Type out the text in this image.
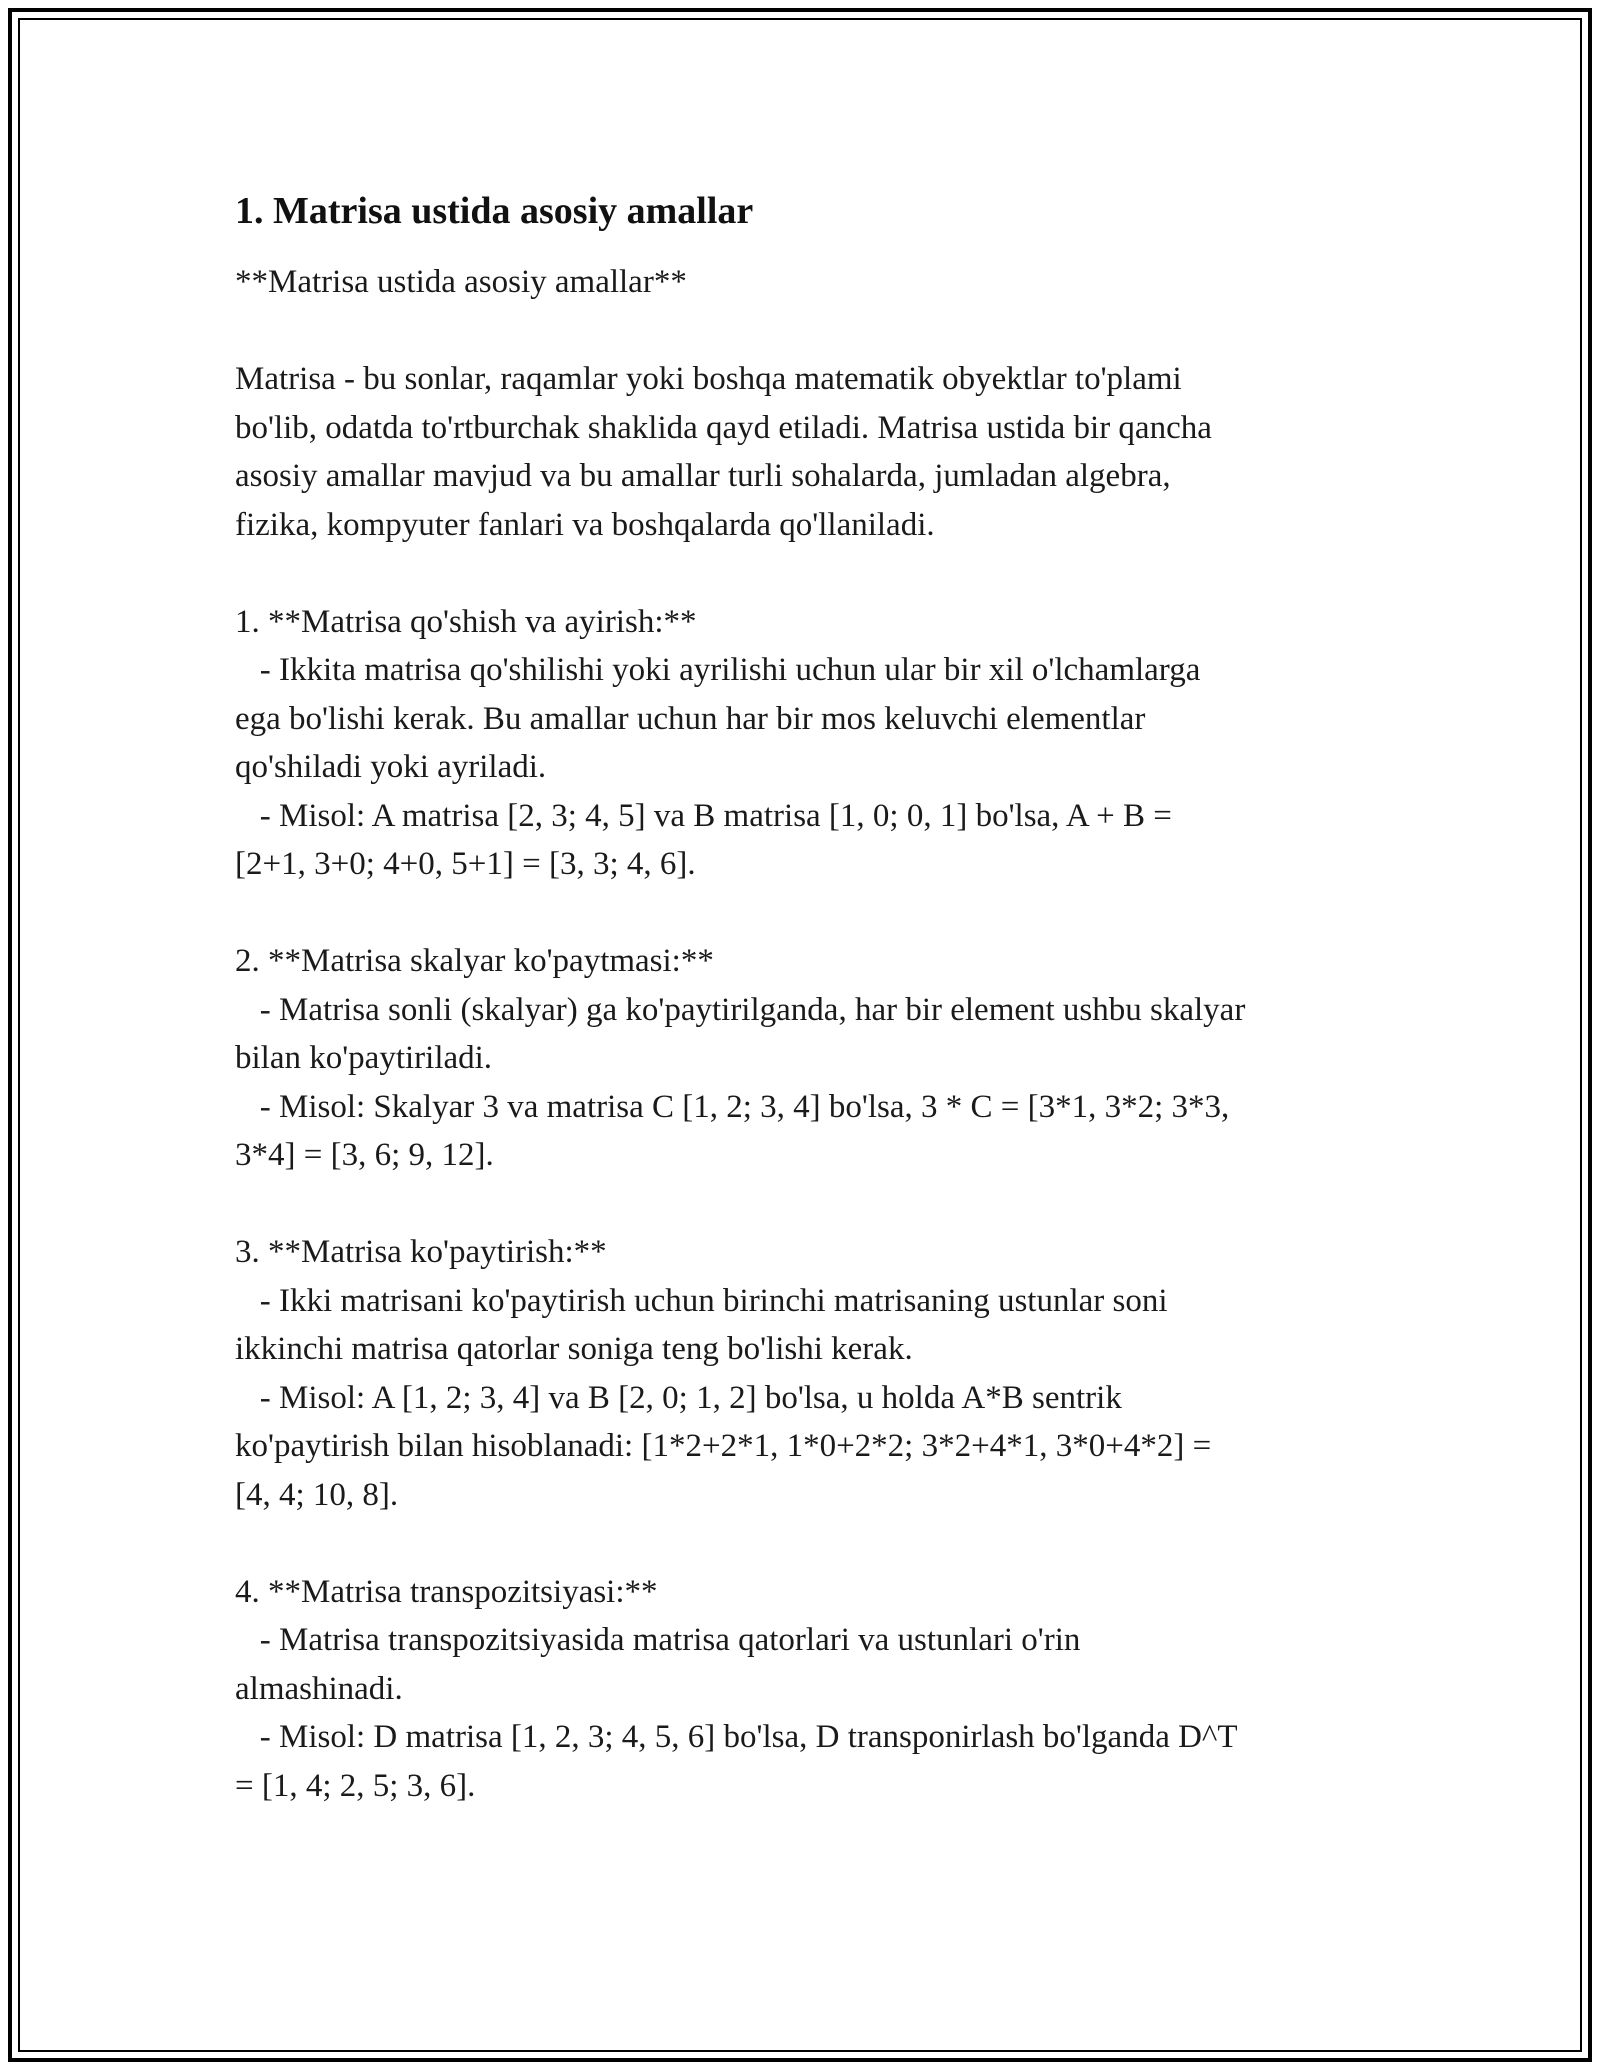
1. Matrisa ustida asosiy amallar

**Matrisa ustida asosiy amallar**

Matrisa - bu sonlar, raqamlar yoki boshqa matematik obyektlar to'plami
bo'lib, odatda to'rtburchak shaklida qayd etiladi. Matrisa ustida bir qancha
asosiy amallar mavjud va bu amallar turli sohalarda, jumladan algebra,
fizika, kompyuter fanlari va boshqalarda qo'llaniladi.

1. **Matrisa qo'shish va ayirish:**

- Ikkita matrisa qo'shilishi yoki ayrilishi uchun ular bir xil o'lchamlarga
ega bo'lishi kerak. Bu amallar uchun har bir mos keluvchi elementlar
qo'shiladi yoki ayriladi.

- Misol: A matrisa [2, 3; 4, 5] va B matrisa [1, 0; 0, 1] bo'lsa, A + B =
[2+1, 3+0; 4+0, 5+1] = [3, 3; 4, 6].

2. **Matrisa skalyar ko'paytmasi:**

- Matrisa sonli (skalyar) ga ko'paytirilganda, har bir element ushbu skalyar
bilan ko'paytiriladi.

- Misol: Skalyar 3 va matrisa C [1, 2; 3, 4] bo'lsa, 3 * C = [3*1, 3*2; 3*3,
3*4] = [3, 6; 9, 12].

3. **Matrisa ko'paytirish:**

- Ikki matrisani ko'paytirish uchun birinchi matrisaning ustunlar soni
ikkinchi matrisa qatorlar soniga teng bo'lishi kerak.

- Misol: A [1, 2; 3, 4] va B [2, 0; 1, 2] bo'lsa, u holda A*B sentrik
ko'paytirish bilan hisoblanadi: [1*2+2*1, 1*0+2*2; 3*2+4*1, 3*0+4*2] =
[4, 4; 10, 8].

4. **Matrisa transpozitsiyasi:**

- Matrisa transpozitsiyasida matrisa qatorlari va ustunlari o'rin
almashinadi.

- Misol: D matrisa [1, 2, 3; 4, 5, 6] bo'lsa, D transponirlash bo'lganda D^T
= [1, 4; 2, 5; 3, 6].
